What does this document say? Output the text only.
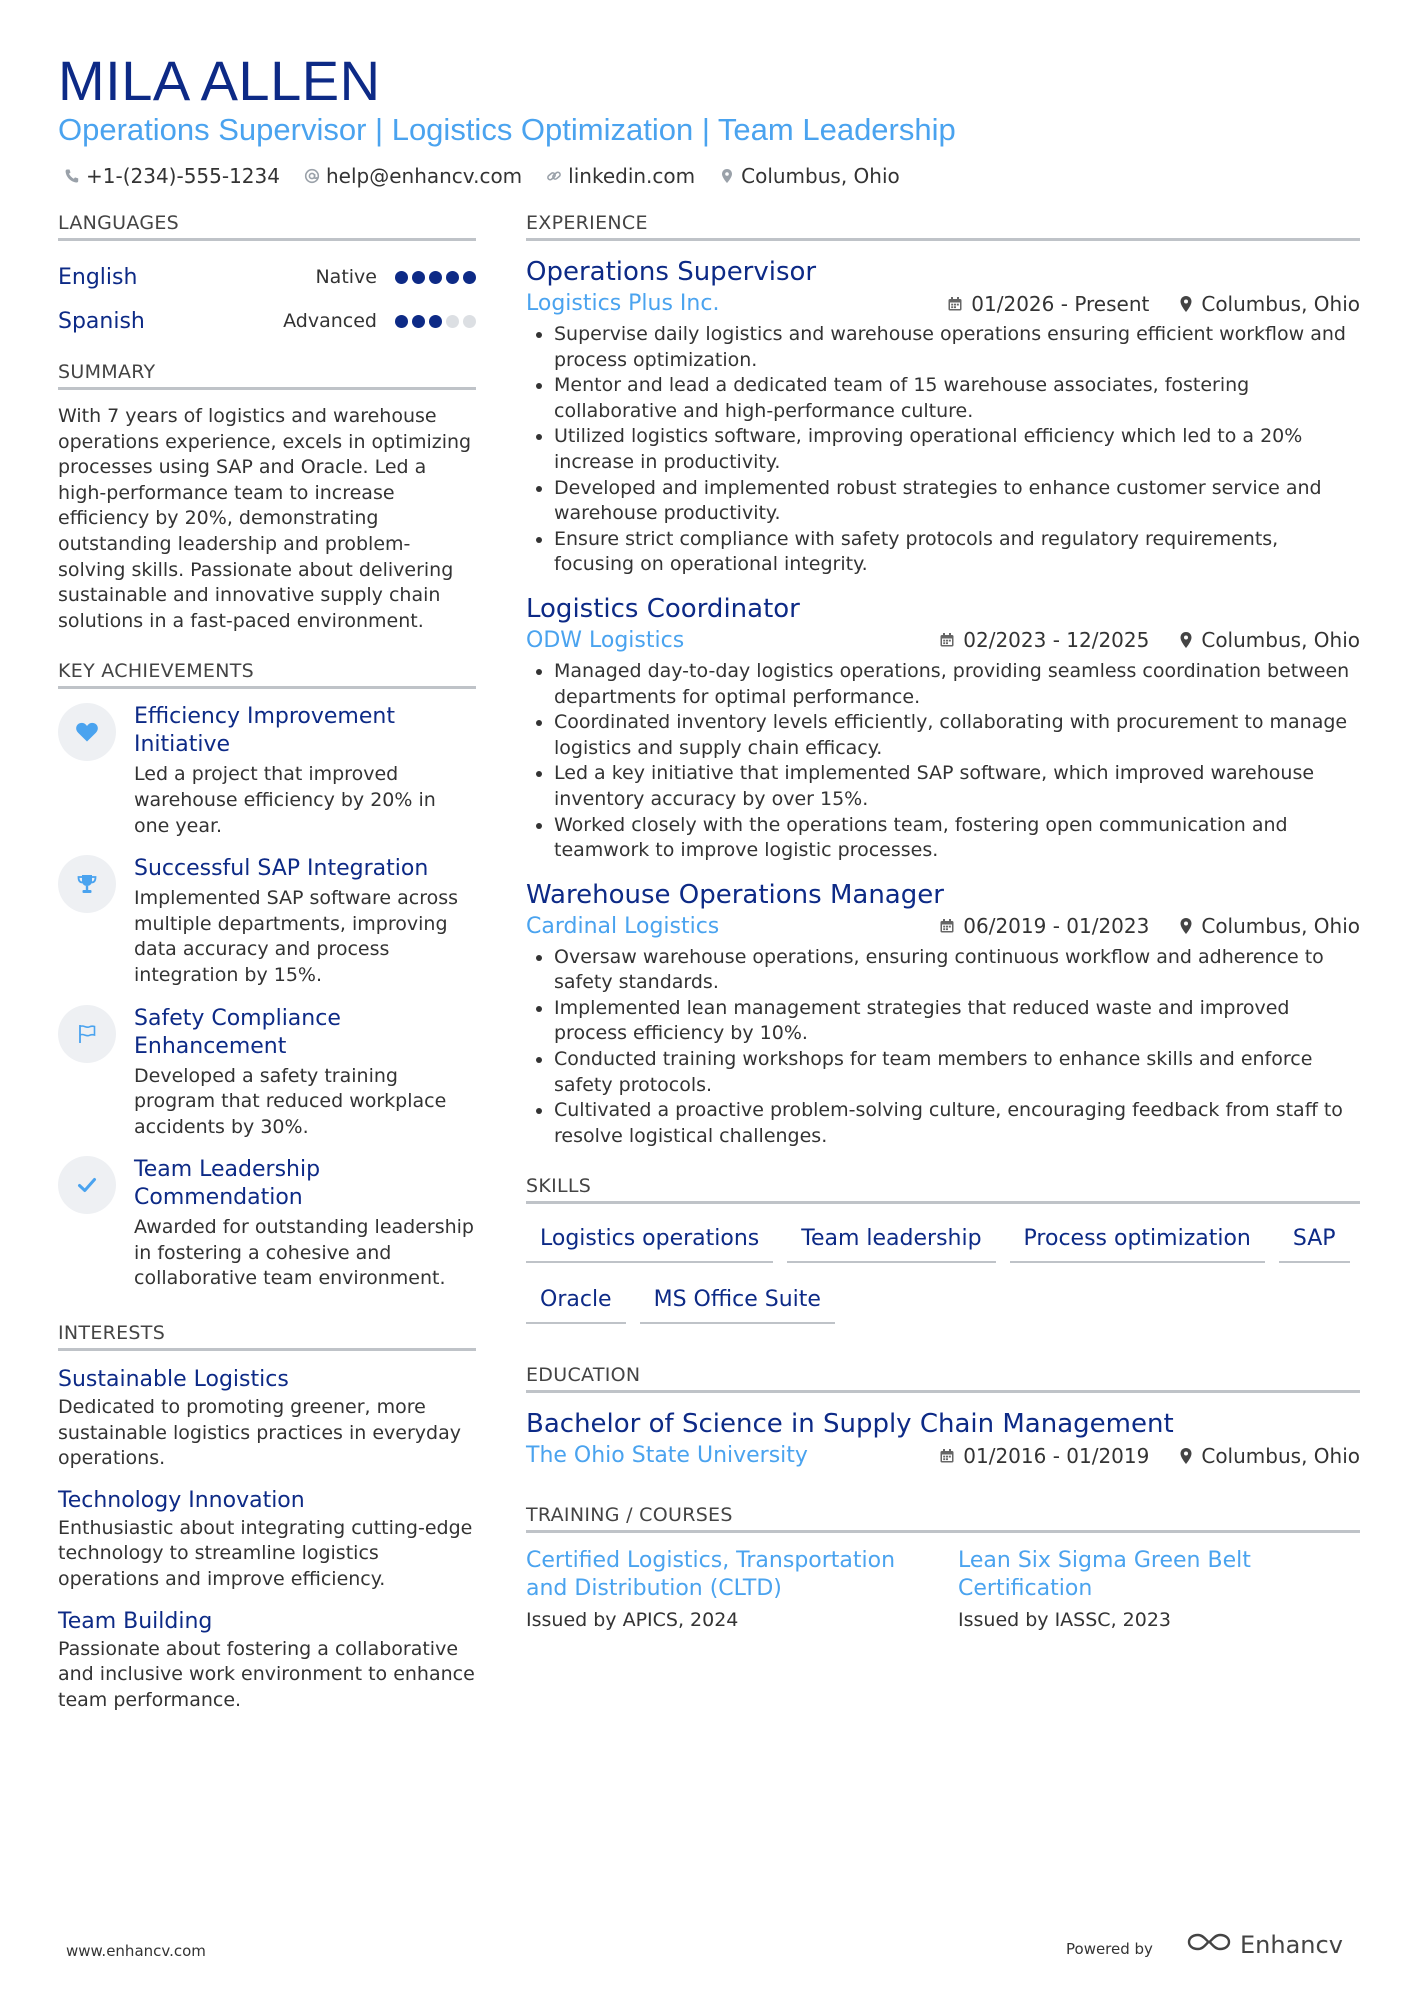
MILA ALLEN
Operations Supervisor | Logistics Optimization | Team Leadership
+1-(234)-555-1234 help@enhancv.com linkedin.com Columbus, Ohio
LANGUAGES
English	Native
Spanish	Advanced
SUMMARY

With 7 years of logistics and warehouse operations experience, excels in optimizing processes using SAP and Oracle. Led a high-performance team to increase efficiency by 20%, demonstrating outstanding leadership and problem-solving skills. Passionate about delivering sustainable and innovative supply chain solutions in a fast-paced environment.

KEY ACHIEVEMENTS
Efficiency Improvement Initiative
Led a project that improved warehouse efficiency by 20% in one year.
Successful SAP Integration
Implemented SAP software across multiple departments, improving data accuracy and process integration by 15%.
Safety Compliance Enhancement
Developed a safety training program that reduced workplace accidents by 30%.
Team Leadership Commendation
Awarded for outstanding leadership in fostering a cohesive and collaborative team environment.
INTERESTS
Sustainable Logistics
Dedicated to promoting greener, more sustainable logistics practices in everyday operations.
Technology Innovation
Enthusiastic about integrating cutting-edge technology to streamline logistics operations and improve efficiency.
Team Building
Passionate about fostering a collaborative and inclusive work environment to enhance team performance.
EXPERIENCE
Operations Supervisor
Logistics Plus Inc.	01/2026 - Present	Columbus, Ohio
• Supervise daily logistics and warehouse operations ensuring efficient workflow and process optimization.
• Mentor and lead a dedicated team of 15 warehouse associates, fostering collaborative and high-performance culture.
• Utilized logistics software, improving operational efficiency which led to a 20% increase in productivity.
• Developed and implemented robust strategies to enhance customer service and warehouse productivity.
• Ensure strict compliance with safety protocols and regulatory requirements, focusing on operational integrity.
Logistics Coordinator
ODW Logistics	02/2023 - 12/2025	Columbus, Ohio
• Managed day-to-day logistics operations, providing seamless coordination between departments for optimal performance.
• Coordinated inventory levels efficiently, collaborating with procurement to manage logistics and supply chain efficacy.
• Led a key initiative that implemented SAP software, which improved warehouse inventory accuracy by over 15%.
• Worked closely with the operations team, fostering open communication and teamwork to improve logistic processes.
Warehouse Operations Manager
Cardinal Logistics	06/2019 - 01/2023	Columbus, Ohio
• Oversaw warehouse operations, ensuring continuous workflow and adherence to safety standards.
• Implemented lean management strategies that reduced waste and improved process efficiency by 10%.
• Conducted training workshops for team members to enhance skills and enforce safety protocols.
• Cultivated a proactive problem-solving culture, encouraging feedback from staff to resolve logistical challenges.
SKILLS
Logistics operations	Team leadership	Process optimization	SAP
Oracle	MS Office Suite
EDUCATION
Bachelor of Science in Supply Chain Management
The Ohio State University	01/2016 - 01/2019	Columbus, Ohio
TRAINING / COURSES
Certified Logistics, Transportation and Distribution (CLTD)
Issued by APICS, 2024
Lean Six Sigma Green Belt Certification
Issued by IASSC, 2023
www.enhancv.com	Powered by	Enhancv
